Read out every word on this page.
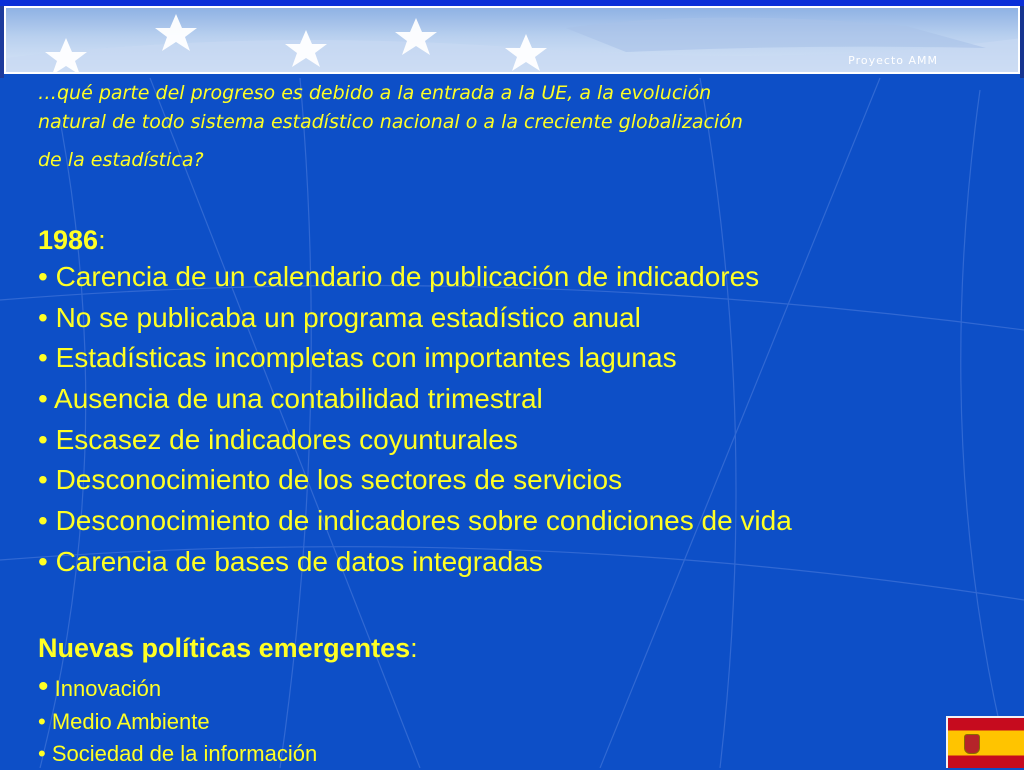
Proyecto AMM

…qué parte del progreso es debido a la entrada a la UE, a la evolución
natural de todo sistema estadístico nacional o a la creciente globalización
de la estadística?

1986:
• Carencia de un calendario de publicación de indicadores
• No se publicaba un programa estadístico anual
• Estadísticas incompletas con importantes lagunas
• Ausencia de una contabilidad trimestral
• Escasez de indicadores coyunturales
• Desconocimiento de los sectores de servicios
• Desconocimiento de indicadores sobre condiciones de vida
• Carencia de bases de datos integradas
Nuevas políticas emergentes:
• Innovación
• Medio Ambiente
• Sociedad de la información
